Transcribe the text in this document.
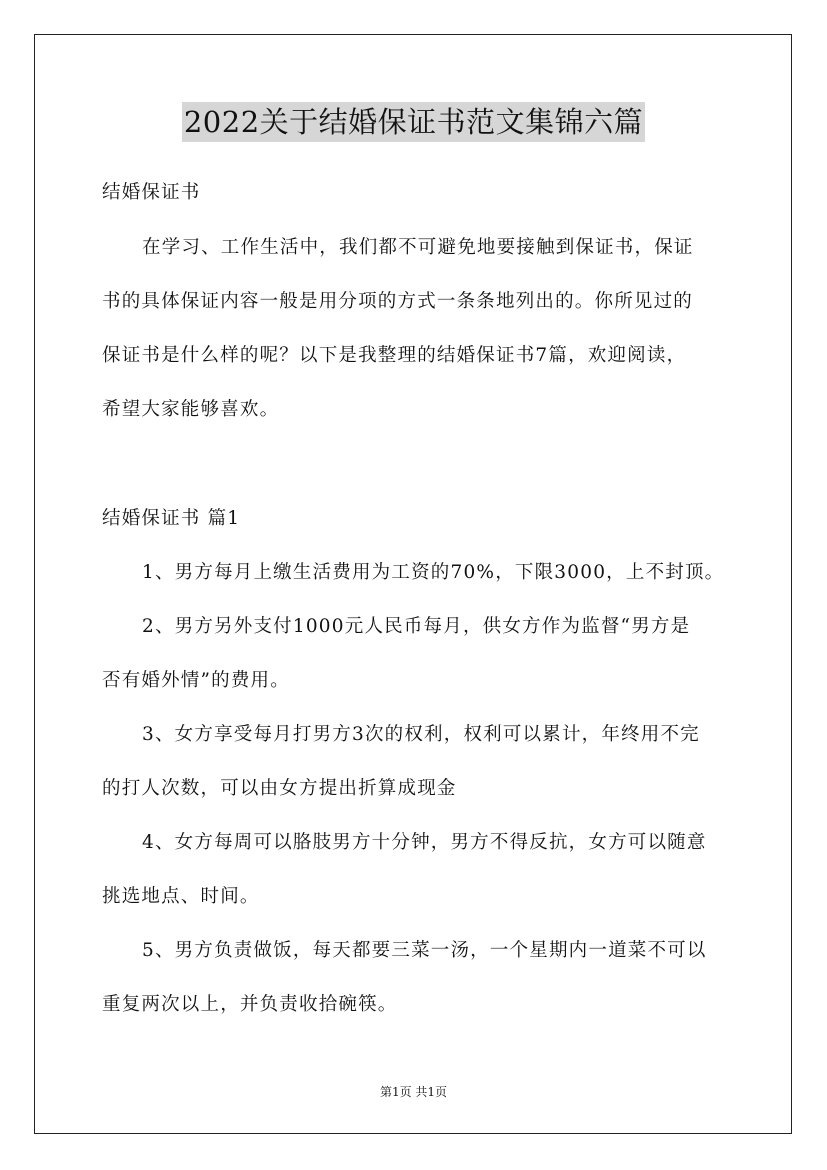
2022关于结婚保证书范文集锦六篇

结婚保证书

在学习、工作生活中，我们都不可避免地要接触到保证书，保证

书的具体保证内容一般是用分项的方式一条条地列出的。你所见过的

保证书是什么样的呢？以下是我整理的结婚保证书7篇，欢迎阅读，

希望大家能够喜欢。

结婚保证书 篇1

1、男方每月上缴生活费用为工资的70%，下限3000，上不封顶。

2、男方另外支付1000元人民币每月，供女方作为监督“男方是

否有婚外情”的费用。

3、女方享受每月打男方3次的权利，权利可以累计，年终用不完

的打人次数，可以由女方提出折算成现金

4、女方每周可以胳肢男方十分钟，男方不得反抗，女方可以随意

挑选地点、时间。

5、男方负责做饭，每天都要三菜一汤，一个星期内一道菜不可以

重复两次以上，并负责收拾碗筷。

第1页 共1页
